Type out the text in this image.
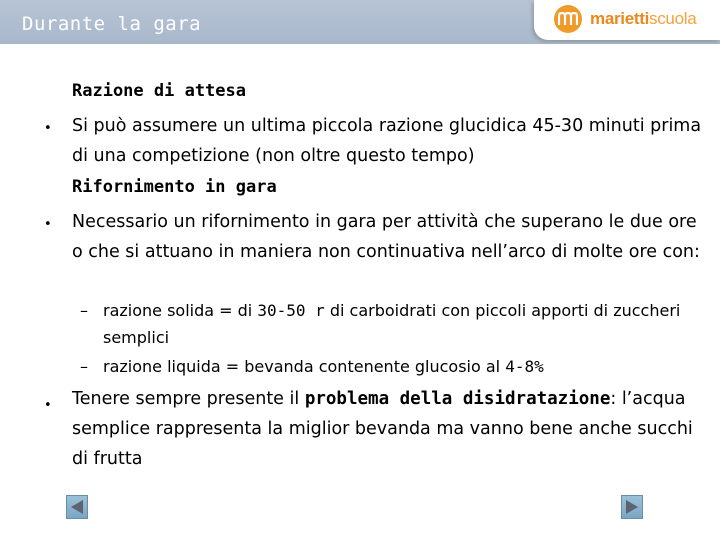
Durante la gara	mariettiscuola
Razione di attesa
• Si può assumere un ultima piccola razione glucidica 45-30 minuti prima di una competizione (non oltre questo tempo)
Rifornimento in gara
• Necessario un rifornimento in gara per attività che superano le due ore o che si attuano in maniera non continuativa nell’arco di molte ore con:
– razione solida = di 30-50 r di carboidrati con piccoli apporti di zuccheri semplici
– razione liquida = bevanda contenente glucosio al 4-8%
• Tenere sempre presente il problema della disidratazione: l’acqua semplice rappresenta la miglior bevanda ma vanno bene anche succhi di frutta
